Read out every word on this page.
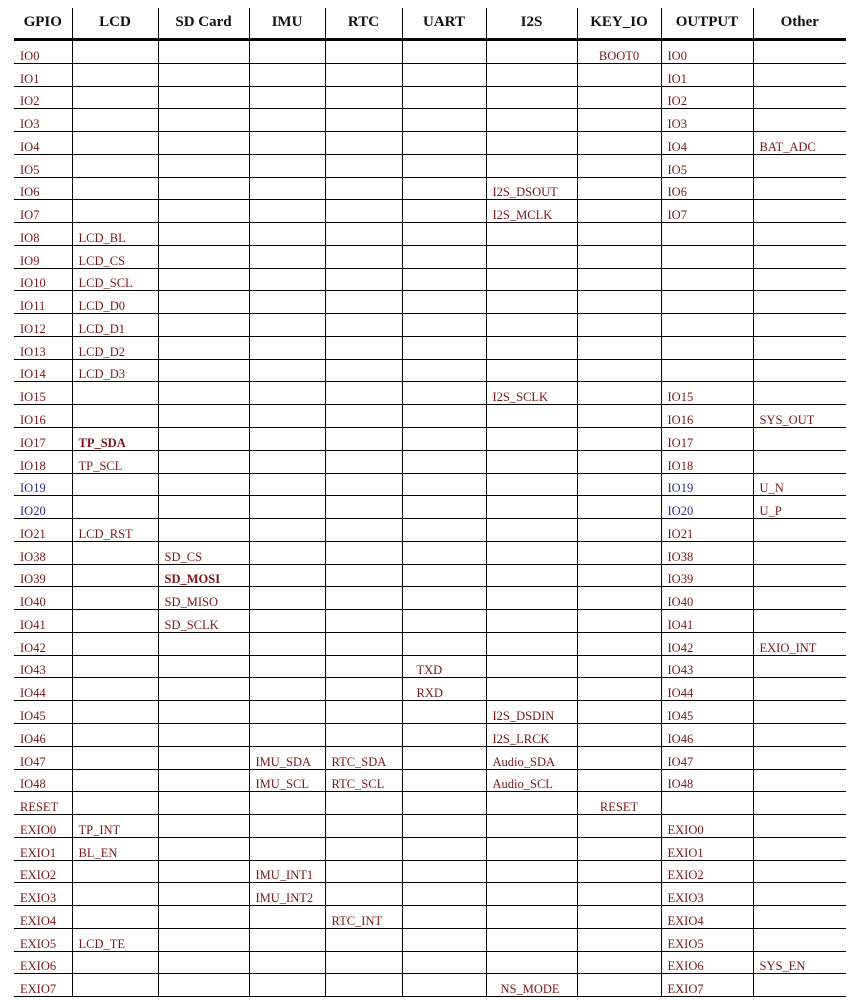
GPIO	LCD	SD Card	IMU	RTC	UART	I2S	KEY_IO	OUTPUT	Other
IO0							BOOT0	IO0	
IO1								IO1	
IO2								IO2	
IO3								IO3	
IO4								IO4	BAT_ADC
IO5								IO5	
IO6						I2S_DSOUT		IO6	
IO7						I2S_MCLK		IO7	
IO8	LCD_BL								
IO9	LCD_CS								
IO10	LCD_SCL								
IO11	LCD_D0								
IO12	LCD_D1								
IO13	LCD_D2								
IO14	LCD_D3								
IO15						I2S_SCLK		IO15	
IO16								IO16	SYS_OUT
IO17	TP_SDA							IO17	
IO18	TP_SCL							IO18	
IO19								IO19	U_N
IO20								IO20	U_P
IO21	LCD_RST							IO21	
IO38		SD_CS						IO38	
IO39		SD_MOSI						IO39	
IO40		SD_MISO						IO40	
IO41		SD_SCLK						IO41	
IO42								IO42	EXIO_INT
IO43					TXD			IO43	
IO44					RXD			IO44	
IO45						I2S_DSDIN		IO45	
IO46						I2S_LRCK		IO46	
IO47			IMU_SDA	RTC_SDA		Audio_SDA		IO47	
IO48			IMU_SCL	RTC_SCL		Audio_SCL		IO48	
RESET							RESET		
EXIO0	TP_INT							EXIO0	
EXIO1	BL_EN							EXIO1	
EXIO2			IMU_INT1					EXIO2	
EXIO3			IMU_INT2					EXIO3	
EXIO4				RTC_INT				EXIO4	
EXIO5	LCD_TE							EXIO5	
EXIO6								EXIO6	SYS_EN
EXIO7						NS_MODE		EXIO7	
